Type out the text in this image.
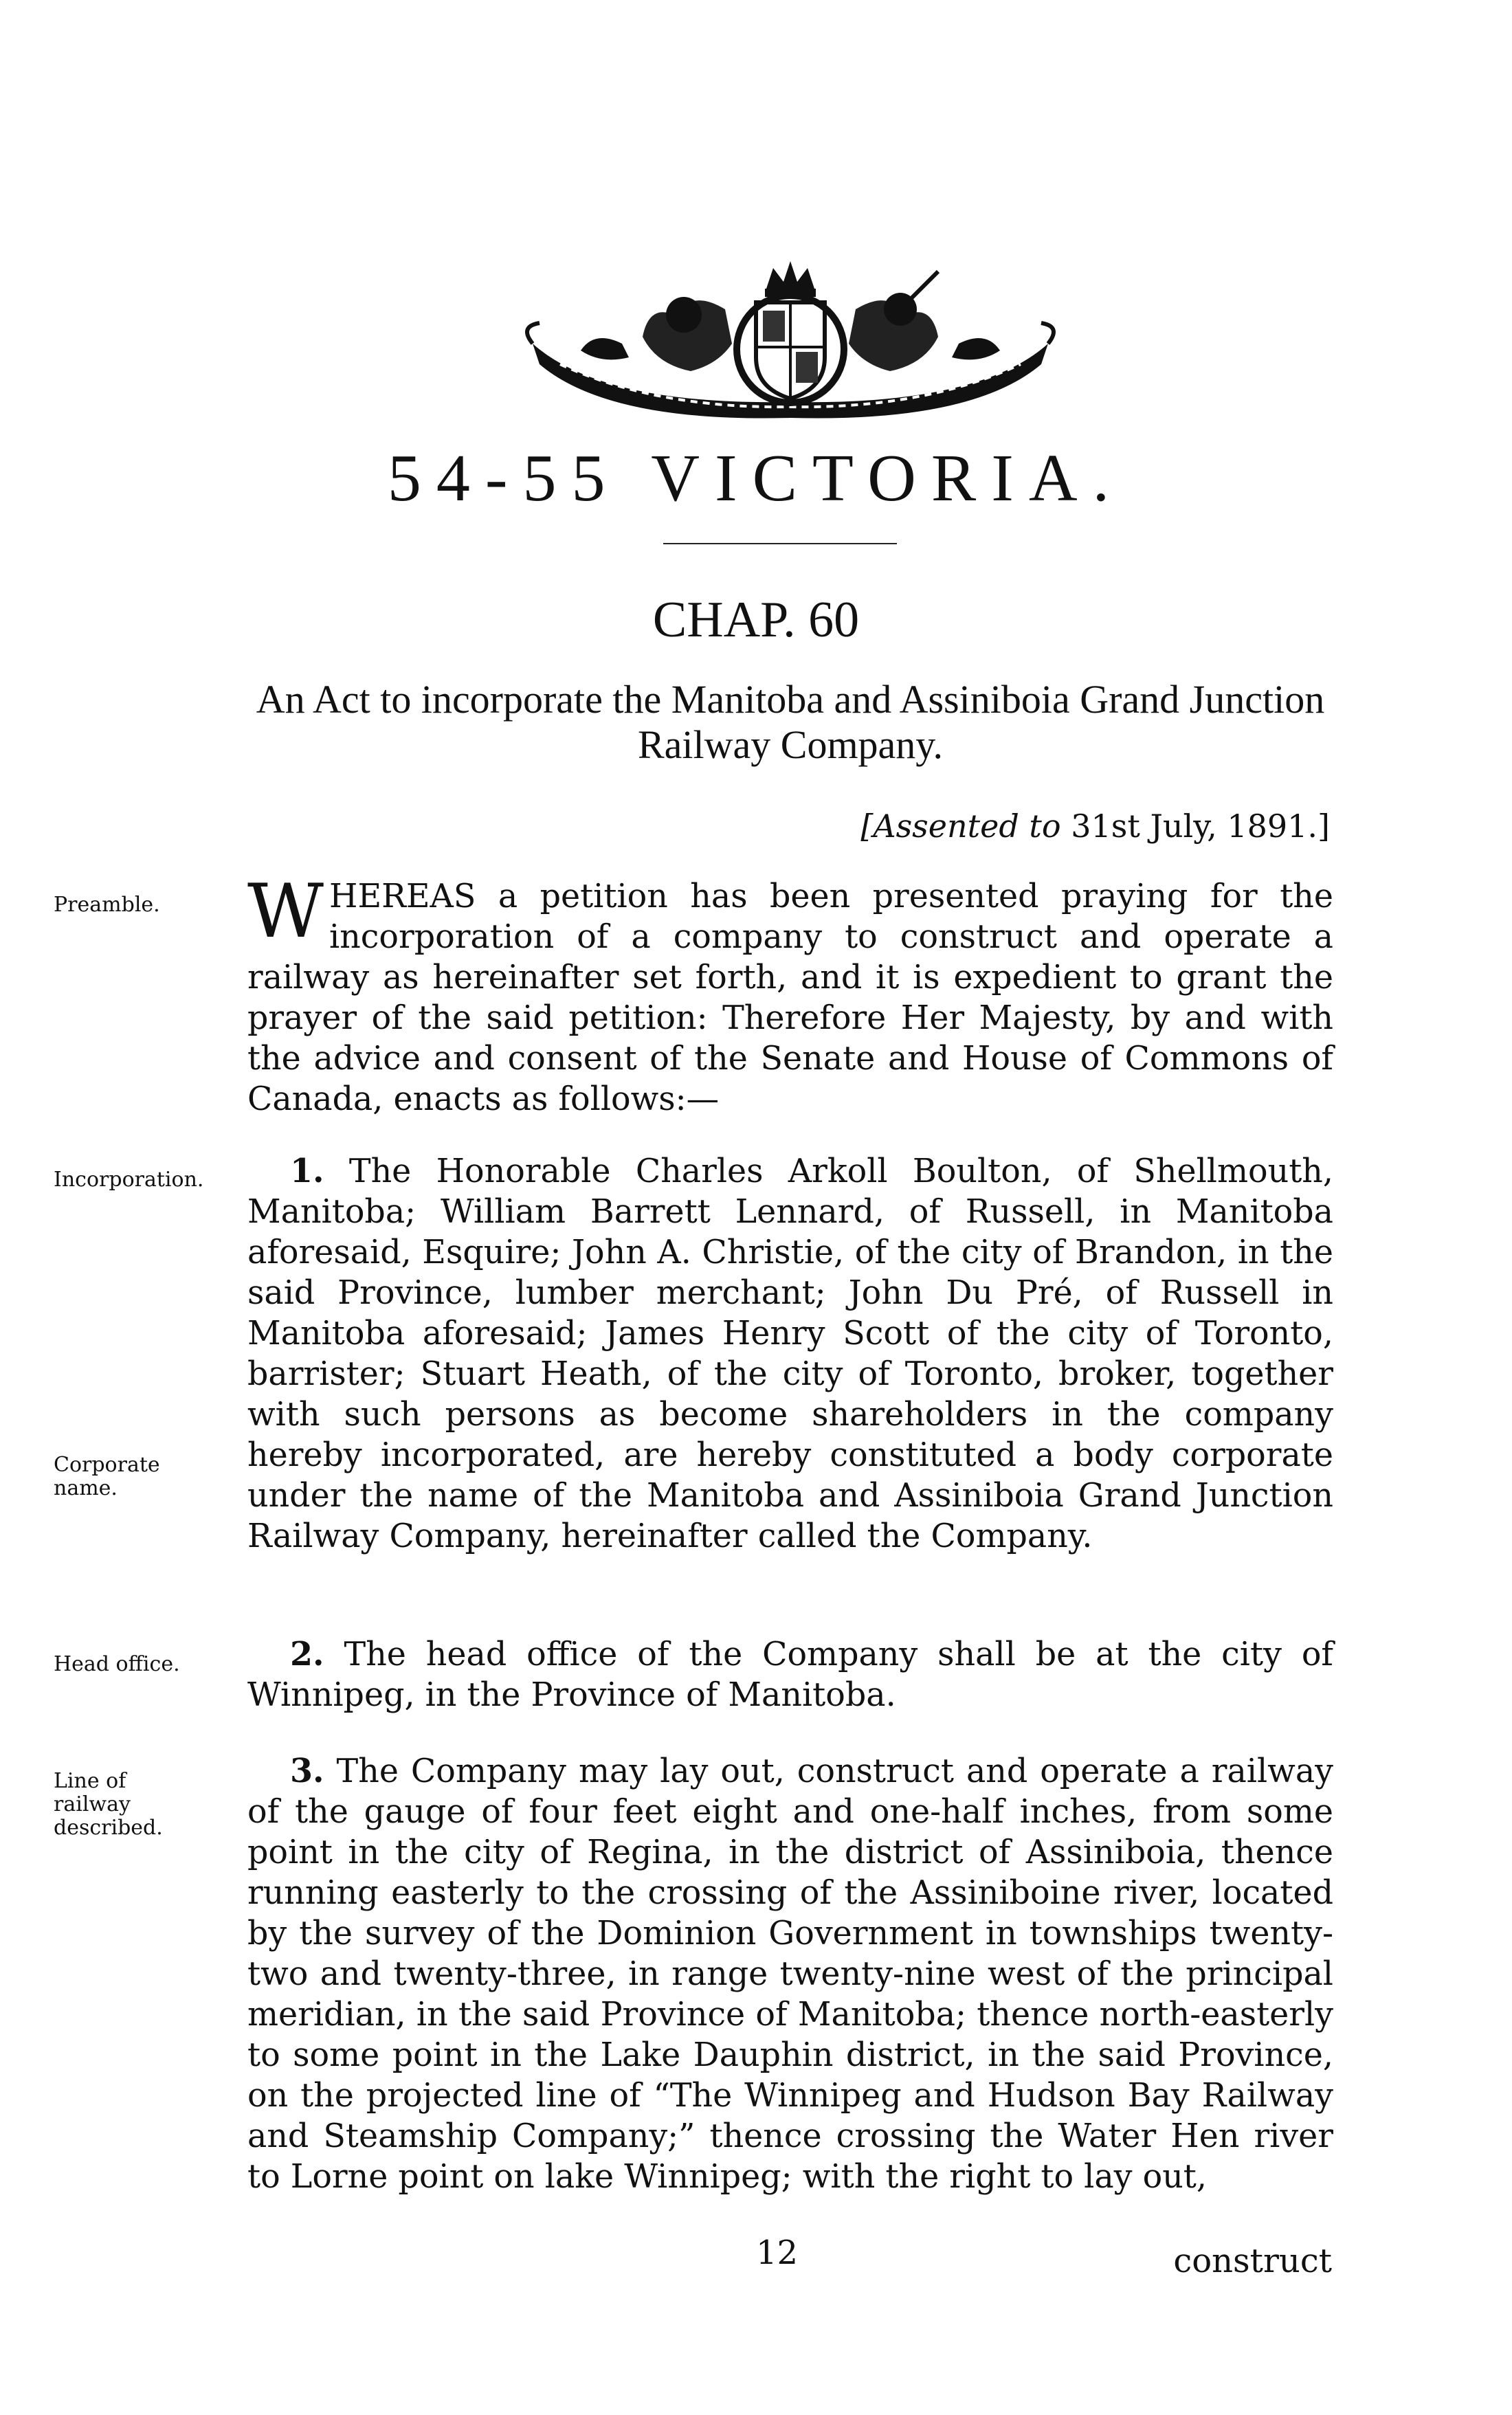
54-55 VICTORIA.
CHAP. 60
An Act to incorporate the Manitoba and Assiniboia Grand Junction Railway Company.
[Assented to 31st July, 1891.]
Preamble.
Incorporation.
Corporate name.
Head office.
Line of railway described.

WHEREAS a petition has been presented praying for the incorporation of a company to construct and operate a railway as hereinafter set forth, and it is expedient to grant the prayer of the said petition: Therefore Her Majesty, by and with the advice and consent of the Senate and House of Commons of Canada, enacts as follows:—

1. The Honorable Charles Arkoll Boulton, of Shellmouth, Manitoba; William Barrett Lennard, of Russell, in Manitoba aforesaid, Esquire; John A. Christie, of the city of Brandon, in the said Province, lumber merchant; John Du Pré, of Russell in Manitoba aforesaid; James Henry Scott of the city of Toronto, barrister; Stuart Heath, of the city of Toronto, broker, together with such persons as become shareholders in the company hereby incorporated, are hereby constituted a body corporate under the name of the Manitoba and Assiniboia Grand Junction Railway Company, hereinafter called the Company.

2. The head office of the Company shall be at the city of Winnipeg, in the Province of Manitoba.

3. The Company may lay out, construct and operate a railway of the gauge of four feet eight and one-half inches, from some point in the city of Regina, in the district of Assiniboia, thence running easterly to the crossing of the Assiniboine river, located by the survey of the Dominion Government in townships twenty-two and twenty-three, in range twenty-nine west of the principal meridian, in the said Province of Manitoba; thence north-easterly to some point in the Lake Dauphin district, in the said Province, on the projected line of “The Winnipeg and Hudson Bay Railway and Steamship Company;” thence crossing the Water Hen river to Lorne point on lake Winnipeg; with the right to lay out,

12	construct
